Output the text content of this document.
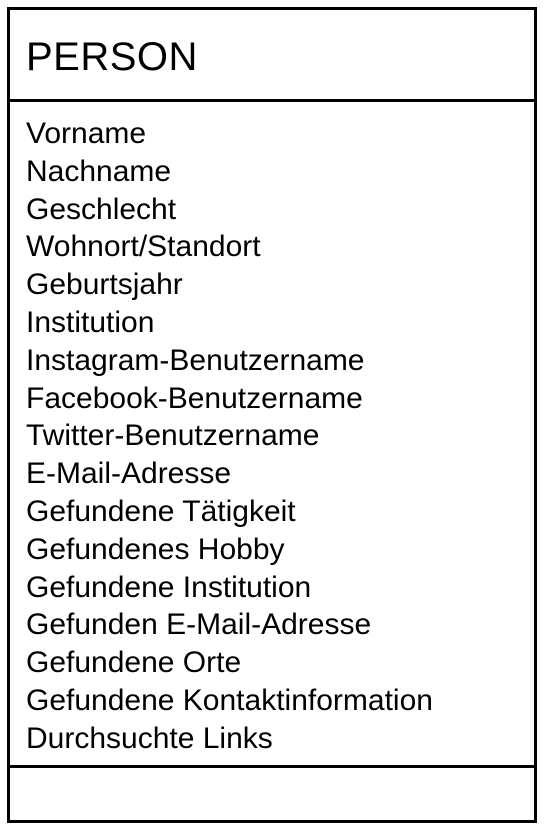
PERSON
Vorname
Nachname
Geschlecht
Wohnort/Standort
Geburtsjahr
Institution
Instagram-Benutzername
Facebook-Benutzername
Twitter-Benutzername
E-Mail-Adresse
Gefundene Tätigkeit
Gefundenes Hobby
Gefundene Institution
Gefunden E-Mail-Adresse
Gefundene Orte
Gefundene Kontaktinformation
Durchsuchte Links
